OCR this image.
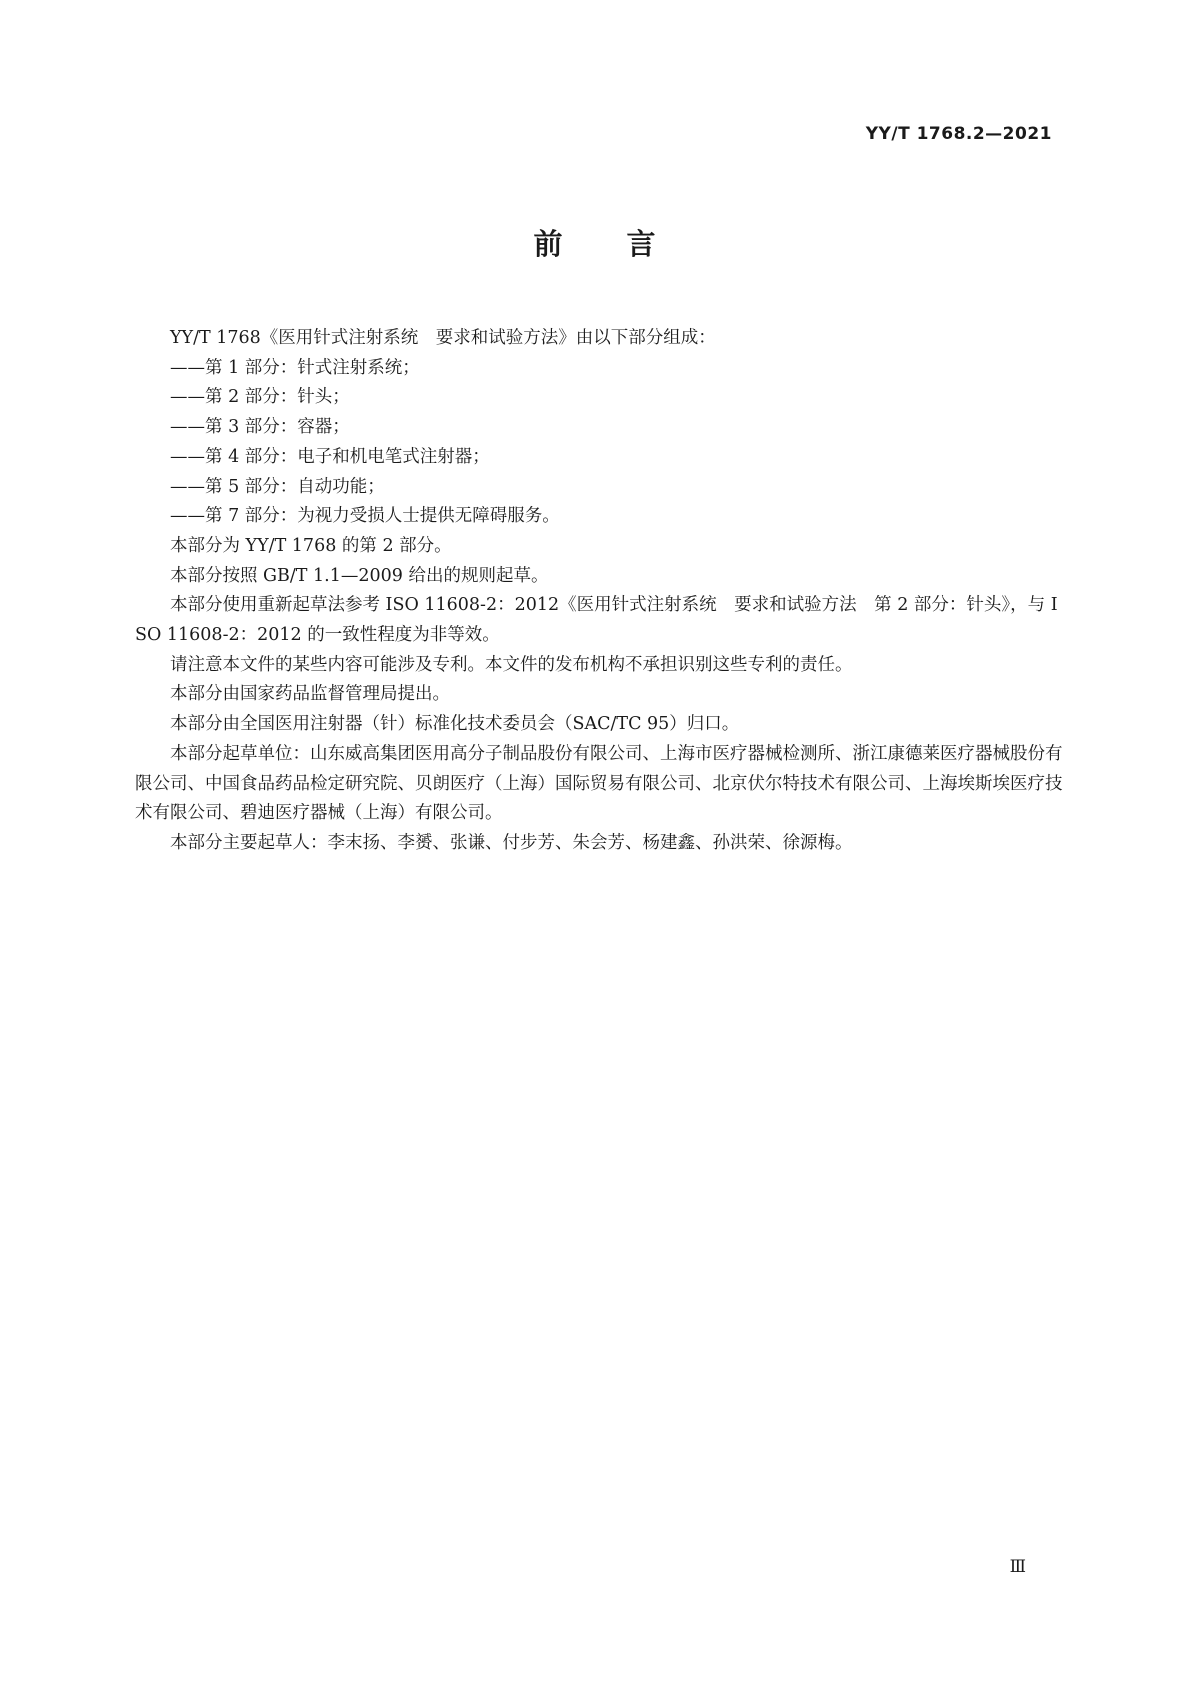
YY/T 1768.2—2021
前　　言

YY/T 1768《医用针式注射系统　要求和试验方法》由以下部分组成：

——第 1 部分：针式注射系统；

——第 2 部分：针头；

——第 3 部分：容器；

——第 4 部分：电子和机电笔式注射器；

——第 5 部分：自动功能；

——第 7 部分：为视力受损人士提供无障碍服务。

本部分为 YY/T 1768 的第 2 部分。

本部分按照 GB/T 1.1—2009 给出的规则起草。

本部分使用重新起草法参考 ISO 11608-2：2012《医用针式注射系统　要求和试验方法　第 2 部分：针头》，与 ISO 11608-2：2012 的一致性程度为非等效。

请注意本文件的某些内容可能涉及专利。本文件的发布机构不承担识别这些专利的责任。

本部分由国家药品监督管理局提出。

本部分由全国医用注射器（针）标准化技术委员会（SAC/TC 95）归口。

本部分起草单位：山东威高集团医用高分子制品股份有限公司、上海市医疗器械检测所、浙江康德莱医疗器械股份有限公司、中国食品药品检定研究院、贝朗医疗（上海）国际贸易有限公司、北京伏尔特技术有限公司、上海埃斯埃医疗技术有限公司、碧迪医疗器械（上海）有限公司。

本部分主要起草人：李末扬、李赟、张谦、付步芳、朱会芳、杨建鑫、孙洪荣、徐源梅。

Ⅲ
